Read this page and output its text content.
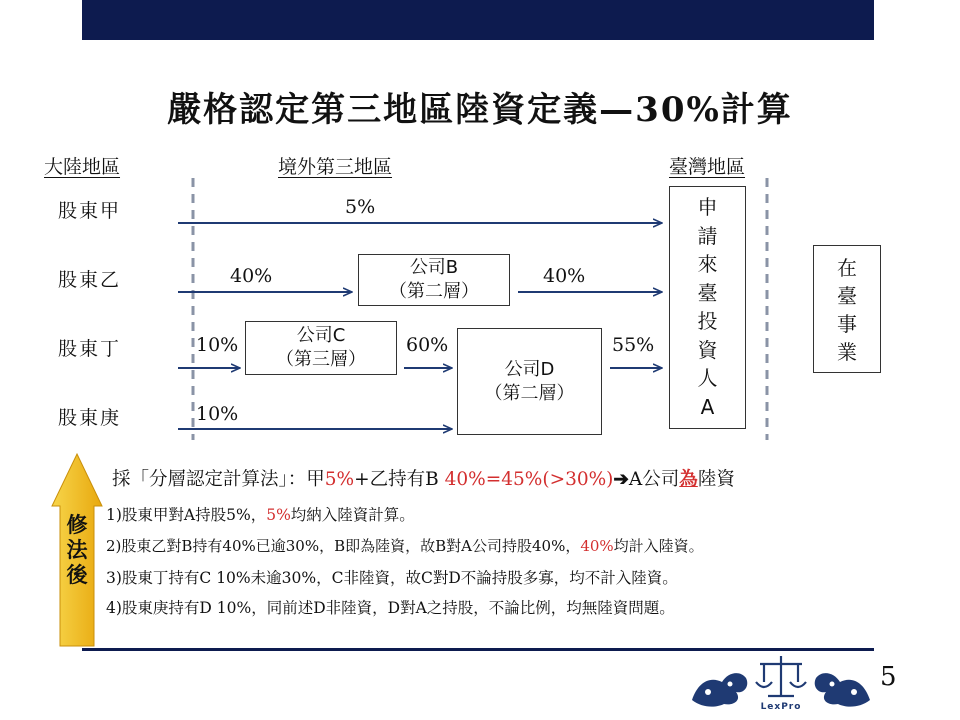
嚴格認定第三地區陸資定義—30%計算
大陸地區	境外第三地區	臺灣地區
股東甲
股東乙
股東丁
股東庚
5%
40%	40%
10%	60%	55%
10%
公司B
（第二層）
公司C
（第三層）	公司D
（第二層）
申
請
來
臺
投
資
人
A
在
臺
事
業
修
法
後
採「分層認定計算法」：甲5%+乙持有B 40%=45%(>30%)➔A公司為陸資
1)股東甲對A持股5%，5%均納入陸資計算。
2)股東乙對B持有40%已逾30%，B即為陸資，故B對A公司持股40%，40%均計入陸資。
3)股東丁持有C 10%未逾30%，C非陸資，故C對D不論持股多寡，均不計入陸資。
4)股東庚持有D 10%，同前述D非陸資，D對A之持股，不論比例，均無陸資問題。
LexPro
5
